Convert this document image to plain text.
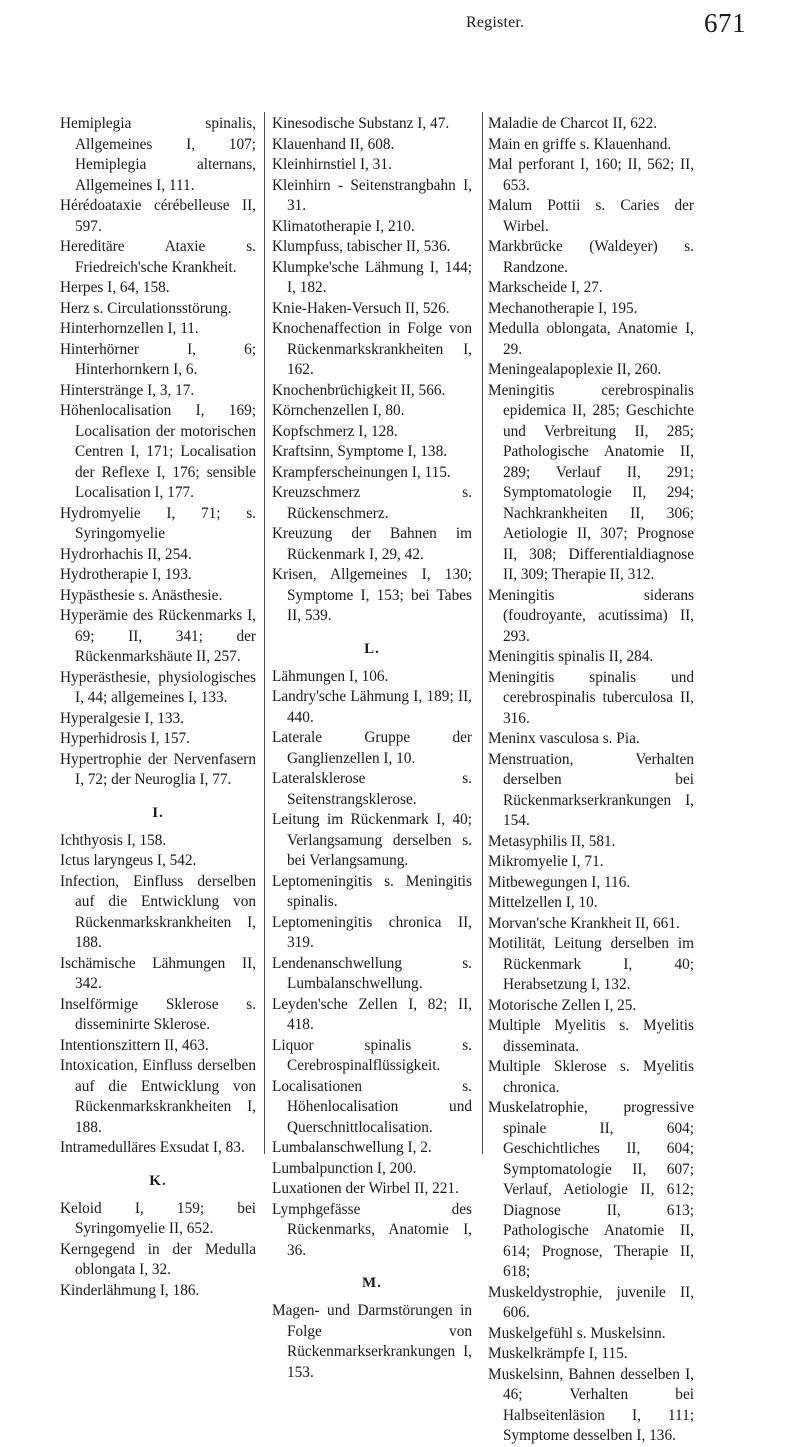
Register.	671
Hemiplegia spinalis, Allgemeines I, 107; Hemiplegia alternans, Allgemeines I, 111.
Hérédoataxie cérébelleuse II, 597.
Hereditäre Ataxie s. Friedreich'sche Krankheit.
Herpes I, 64, 158.
Herz s. Circulationsstörung.
Hinterhornzellen I, 11.
Hinterhörner I, 6; Hinterhornkern I, 6.
Hinterstränge I, 3, 17.
Höhenlocalisation I, 169; Localisation der motorischen Centren I, 171; Localisation der Reflexe I, 176; sensible Localisation I, 177.
Hydromyelie I, 71; s. Syringomyelie
Hydrorhachis II, 254.
Hydrotherapie I, 193.
Hypästhesie s. Anästhesie.
Hyperämie des Rückenmarks I, 69; II, 341; der Rückenmarkshäute II, 257.
Hyperästhesie, physiologisches I, 44; allgemeines I, 133.
Hyperalgesie I, 133.
Hyperhidrosis I, 157.
Hypertrophie der Nervenfasern I, 72; der Neuroglia I, 77.
I.
Ichthyosis I, 158.
Ictus laryngeus I, 542.
Infection, Einfluss derselben auf die Entwicklung von Rückenmarkskrankheiten I, 188.
Ischämische Lähmungen II, 342.
Inselförmige Sklerose s. disseminirte Sklerose.
Intentionszittern II, 463.
Intoxication, Einfluss derselben auf die Entwicklung von Rückenmarkskrankheiten I, 188.
Intramedulläres Exsudat I, 83.
K.
Keloid I, 159; bei Syringomyelie II, 652.
Kerngegend in der Medulla oblongata I, 32.
Kinderlähmung I, 186.
Kinesodische Substanz I, 47.
Klauenhand II, 608.
Kleinhirnstiel I, 31.
Kleinhirn - Seitenstrangbahn I, 31.
Klimatotherapie I, 210.
Klumpfuss, tabischer II, 536.
Klumpke'sche Lähmung I, 144; I, 182.
Knie-Haken-Versuch II, 526.
Knochenaffection in Folge von Rückenmarkskrankheiten I, 162.
Knochenbrüchigkeit II, 566.
Körnchenzellen I, 80.
Kopfschmerz I, 128.
Kraftsinn, Symptome I, 138.
Krampferscheinungen I, 115.
Kreuzschmerz s. Rückenschmerz.
Kreuzung der Bahnen im Rückenmark I, 29, 42.
Krisen, Allgemeines I, 130; Symptome I, 153; bei Tabes II, 539.
L.
Lähmungen I, 106.
Landry'sche Lähmung I, 189; II, 440.
Laterale Gruppe der Ganglienzellen I, 10.
Lateralsklerose s. Seitenstrangsklerose.
Leitung im Rückenmark I, 40; Verlangsamung derselben s. bei Verlangsamung.
Leptomeningitis s. Meningitis spinalis.
Leptomeningitis chronica II, 319.
Lendenanschwellung s. Lumbalanschwellung.
Leyden'sche Zellen I, 82; II, 418.
Liquor spinalis s. Cerebrospinalflüssigkeit.
Localisationen s. Höhenlocalisation und Querschnittlocalisation.
Lumbalanschwellung I, 2.
Lumbalpunction I, 200.
Luxationen der Wirbel II, 221.
Lymphgefässe des Rückenmarks, Anatomie I, 36.
M.
Magen- und Darmstörungen in Folge von Rückenmarkserkrankungen I, 153.
Maladie de Charcot II, 622.
Main en griffe s. Klauenhand.
Mal perforant I, 160; II, 562; II, 653.
Malum Pottii s. Caries der Wirbel.
Markbrücke (Waldeyer) s. Randzone.
Markscheide I, 27.
Mechanotherapie I, 195.
Medulla oblongata, Anatomie I, 29.
Meningealapoplexie II, 260.
Meningitis cerebrospinalis epidemica II, 285; Geschichte und Verbreitung II, 285; Pathologische Anatomie II, 289; Verlauf II, 291; Symptomatologie II, 294; Nachkrankheiten II, 306; Aetiologie II, 307; Prognose II, 308; Differentialdiagnose II, 309; Therapie II, 312.
Meningitis siderans (foudroyante, acutissima) II, 293.
Meningitis spinalis II, 284.
Meningitis spinalis und cerebrospinalis tuberculosa II, 316.
Meninx vasculosa s. Pia.
Menstruation, Verhalten derselben bei Rückenmarkserkrankungen I, 154.
Metasyphilis II, 581.
Mikromyelie I, 71.
Mitbewegungen I, 116.
Mittelzellen I, 10.
Morvan'sche Krankheit II, 661.
Motilität, Leitung derselben im Rückenmark I, 40; Herabsetzung I, 132.
Motorische Zellen I, 25.
Multiple Myelitis s. Myelitis disseminata.
Multiple Sklerose s. Myelitis chronica.
Muskelatrophie, progressive spinale II, 604; Geschichtliches II, 604; Symptomatologie II, 607; Verlauf, Aetiologie II, 612; Diagnose II, 613; Pathologische Anatomie II, 614; Prognose, Therapie II, 618;
Muskeldystrophie, juvenile II, 606.
Muskelgefühl s. Muskelsinn.
Muskelkrämpfe I, 115.
Muskelsinn, Bahnen desselben I, 46; Verhalten bei Halbseitenläsion I, 111; Symptome desselben I, 136.
